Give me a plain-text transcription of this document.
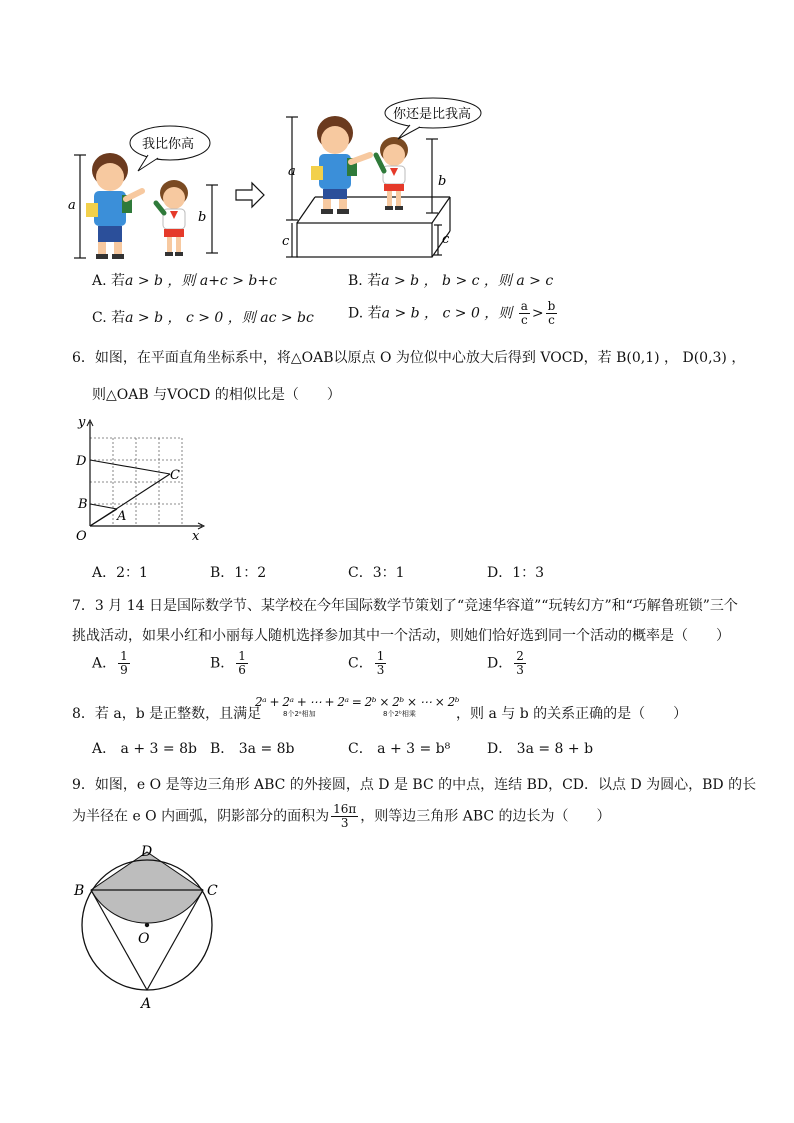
a
我比你高
b
a
c	c
你还是比我高
b
A. 若a > b ，则 a+c > b+c	B. 若a > b ， b > c ，则 a > c
C. 若a > b ， c > 0 ，则 ac > bc D. 若a > b ， c > 0 ，则 $\frac{a}{c} > \frac{b}{c}$
6．如图，在平面直角坐标系中，将△OAB以原点 O 为位似中心放大后得到 VOCD，若 B(0,1) ， D(0,3) ，
则△OAB 与VOCD 的相似比是（　　）
y
x
O
B
D
A
C
A．2：1	B．1：2	C．3：1	D．1：3
7．3 月 14 日是国际数学节、某学校在今年国际数学节策划了“竞速华容道”“玩转幻方”和“巧解鲁班锁”三个
挑战活动，如果小红和小丽每人随机选择参加其中一个活动，则她们恰好选到同一个活动的概率是（　　）
A． $\frac{1}{9}$	B． $\frac{1}{6}$	C． $\frac{1}{3}$	D． $\frac{2}{3}$
8．若 a，b 是正整数，且满足
2ᵃ + 2ᵃ + ⋯ + 2ᵃ = 2ᵇ × 2ᵇ × ⋯ × 2ᵇ
8个2ᵃ相加	8个2ᵇ相乘	，则 a 与 b 的关系正确的是（　　）
A． a + 3 = 8b B． 3a = 8b	C． a + 3 = b⁸	D． 3a = 8 + b
9．如图，e O 是等边三角形 ABC 的外接圆，点 D 是 BC 的中点，连结 BD，CD．以点 D 为圆心，BD 的长
为半径在 e O 内画弧，阴影部分的面积为 $\frac{16\pi}{3}$ ，则等边三角形 ABC 的边长为（　　）
D
B	C
O
A
